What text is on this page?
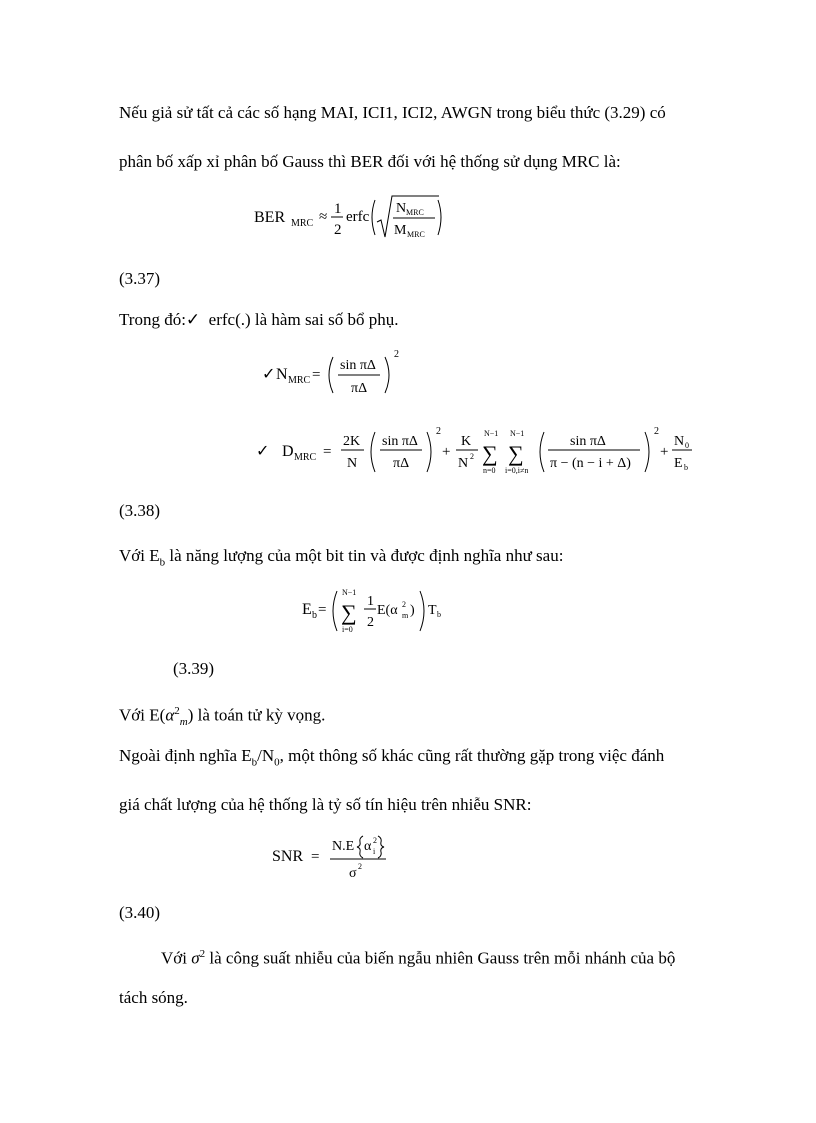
Nếu giả sử tất cả các số hạng MAI, ICI1, ICI2, AWGN trong biểu thức (3.29) có
phân bố xấp xỉ phân bố Gauss thì BER đối với hệ thống sử dụng MRC là:
BER MRC ≈ 1
2
erfc
N MRC
M MRC
(3.37)
Trong đó:✓ erfc(.) là hàm sai số bổ phụ.
✓ N MRC =
sin πΔ
πΔ
2
✓ D MRC =
2K
N
sin πΔ
πΔ
2
+
K
N 2
N−1
∑
n=0
N−1
∑
i=0,i≠n
sin πΔ
π − (n − i + Δ)
2
+
N 0
E b
(3.38)
Với $E_b$ là năng lượng của một bit tin và được định nghĩa như sau:
E b =
N−1
∑
i=0
1
2
E(α 2
m ) T b
(3.39)
Với $E(\alpha^2_m)$ là toán tử kỳ vọng.
Ngoài định nghĩa $E_b/N_0$, một thông số khác cũng rất thường gặp trong việc đánh
giá chất lượng của hệ thống là tỷ số tín hiệu trên nhiễu SNR:
SNR =
N.E α 2
i
σ 2
(3.40)
Với $\sigma^2$ là công suất nhiễu của biến ngẫu nhiên Gauss trên mỗi nhánh của bộ
tách sóng.
